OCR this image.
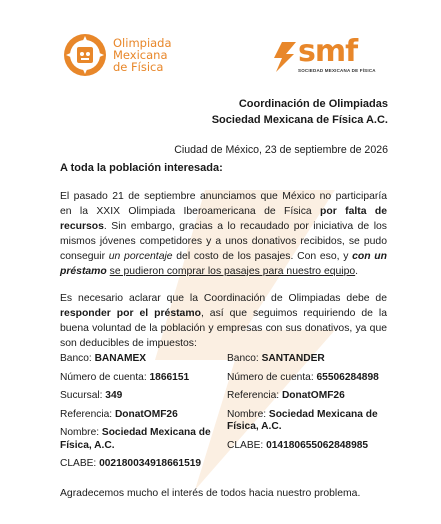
Olimpiada
Mexicana
de Física	smf
SOCIEDAD MEXICANA DE FÍSICA
Coordinación de Olimpiadas
Sociedad Mexicana de Física A.C.
Ciudad de México, 23 de septiembre de 2026
A toda la población interesada:
El pasado 21 de septiembre anunciamos que México no participaría en la XXIX Olimpiada Iberoamericana de Física por falta de recursos. Sin embargo, gracias a lo recaudado por iniciativa de los mismos jóvenes competidores y a unos donativos recibidos, se pudo conseguir un porcentaje del costo de los pasajes. Con eso, y con un préstamo se pudieron comprar los pasajes para nuestro equipo.
Es necesario aclarar que la Coordinación de Olimpiadas debe de responder por el préstamo, así que seguimos requiriendo de la buena voluntad de la población y empresas con sus donativos, ya que son deducibles de impuestos:
Banco: BANAMEX
Número de cuenta: 1866151
Sucursal: 349
Referencia: DonatOMF26
Nombre: Sociedad Mexicana de Física, A.C.
CLABE: 002180034918661519
Banco: SANTANDER
Número de cuenta: 65506284898
Referencia: DonatOMF26
Nombre: Sociedad Mexicana de Física, A.C.
CLABE: 014180655062848985
Agradecemos mucho el interés de todos hacia nuestro problema.
